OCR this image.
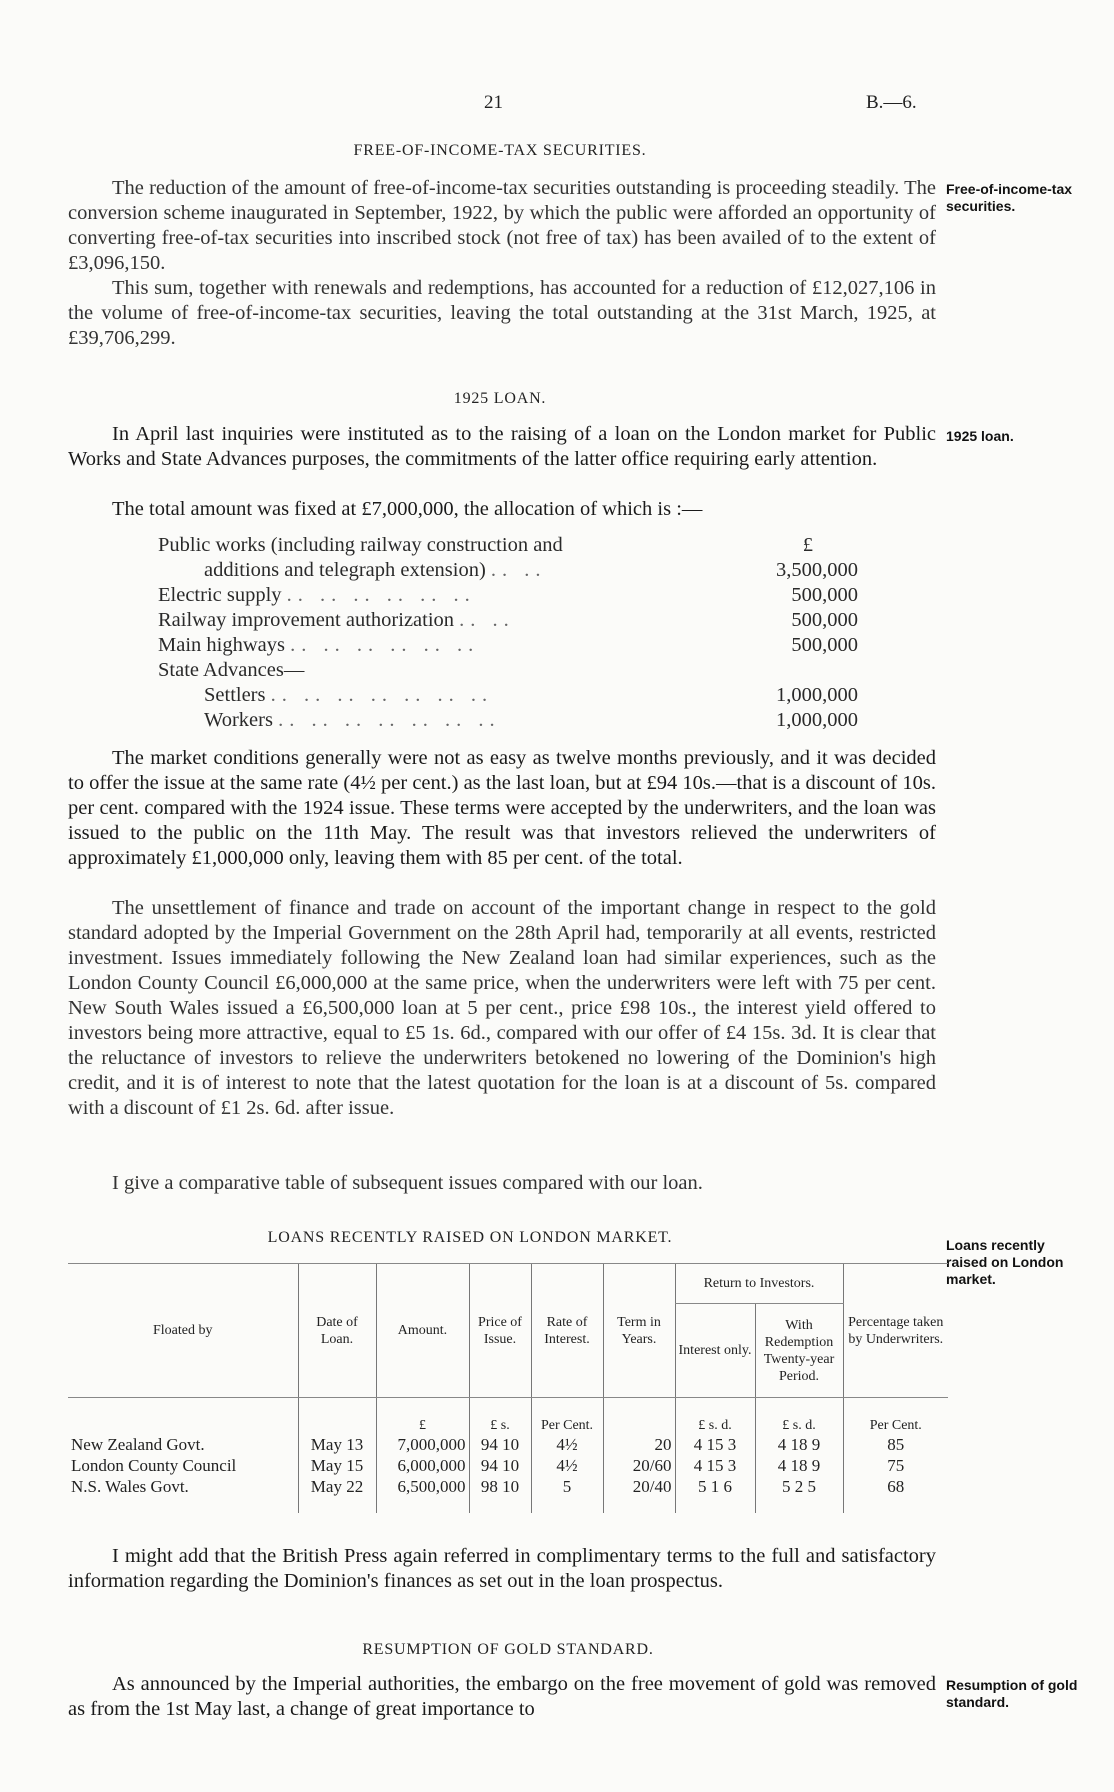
21	B.—6.
FREE-OF-INCOME-TAX SECURITIES.
Free-of-income-tax securities.
The reduction of the amount of free-of-income-tax securities outstanding is proceeding steadily. The conversion scheme inaugurated in September, 1922, by which the public were afforded an opportunity of converting free-of-tax securities into inscribed stock (not free of tax) has been availed of to the extent of £3,096,150.
This sum, together with renewals and redemptions, has accounted for a reduction of £12,027,106 in the volume of free-of-income-tax securities, leaving the total outstanding at the 31st March, 1925, at £39,706,299.
1925 LOAN.
1925 loan.
In April last inquiries were instituted as to the raising of a loan on the London market for Public Works and State Advances purposes, the commitments of the latter office requiring early attention.
The total amount was fixed at £7,000,000, the allocation of which is :—
Public works (including railway construction and	£
additions and telegraph extension) .. ..	3,500,000
Electric supply .. .. .. .. .. ..	500,000
Railway improvement authorization .. ..	500,000
Main highways .. .. .. .. .. ..	500,000
State Advances—
Settlers .. .. .. .. .. .. ..	1,000,000
Workers .. .. .. .. .. .. ..	1,000,000
The market conditions generally were not as easy as twelve months previously, and it was decided to offer the issue at the same rate (4½ per cent.) as the last loan, but at £94 10s.—that is a discount of 10s. per cent. compared with the 1924 issue. These terms were accepted by the underwriters, and the loan was issued to the public on the 11th May. The result was that investors relieved the underwriters of approximately £1,000,000 only, leaving them with 85 per cent. of the total.
The unsettlement of finance and trade on account of the important change in respect to the gold standard adopted by the Imperial Government on the 28th April had, temporarily at all events, restricted investment. Issues immediately following the New Zealand loan had similar experiences, such as the London County Council £6,000,000 at the same price, when the underwriters were left with 75 per cent. New South Wales issued a £6,500,000 loan at 5 per cent., price £98 10s., the interest yield offered to investors being more attractive, equal to £5 1s. 6d., compared with our offer of £4 15s. 3d. It is clear that the reluctance of investors to relieve the underwriters betokened no lowering of the Dominion's high credit, and it is of interest to note that the latest quotation for the loan is at a discount of 5s. compared with a discount of £1 2s. 6d. after issue.
I give a comparative table of subsequent issues compared with our loan.
LOANS RECENTLY RAISED ON LONDON MARKET.	Loans recently raised on London market.
Floated by	Date of Loan.	Amount.	Price of Issue.	Rate of Interest.	Term in Years.	Return to Investors.		Percentage taken by Underwriters.
						Interest only.	With Redemption Twenty-year Period.	
		£	£ s.	Per Cent.		£ s. d.	£ s. d.	Per Cent.
New Zealand Govt.	May 13	7,000,000	94 10	4½	20	4 15 3	4 18 9	85
London County Council	May 15	6,000,000	94 10	4½	20/60	4 15 3	4 18 9	75
N.S. Wales Govt.	May 22	6,500,000	98 10	5	20/40	5 1 6	5 2 5	68

I might add that the British Press again referred in complimentary terms to the full and satisfactory information regarding the Dominion's finances as set out in the loan prospectus.
RESUMPTION OF GOLD STANDARD.
Resumption of gold standard.
As announced by the Imperial authorities, the embargo on the free movement of gold was removed as from the 1st May last, a change of great importance to
